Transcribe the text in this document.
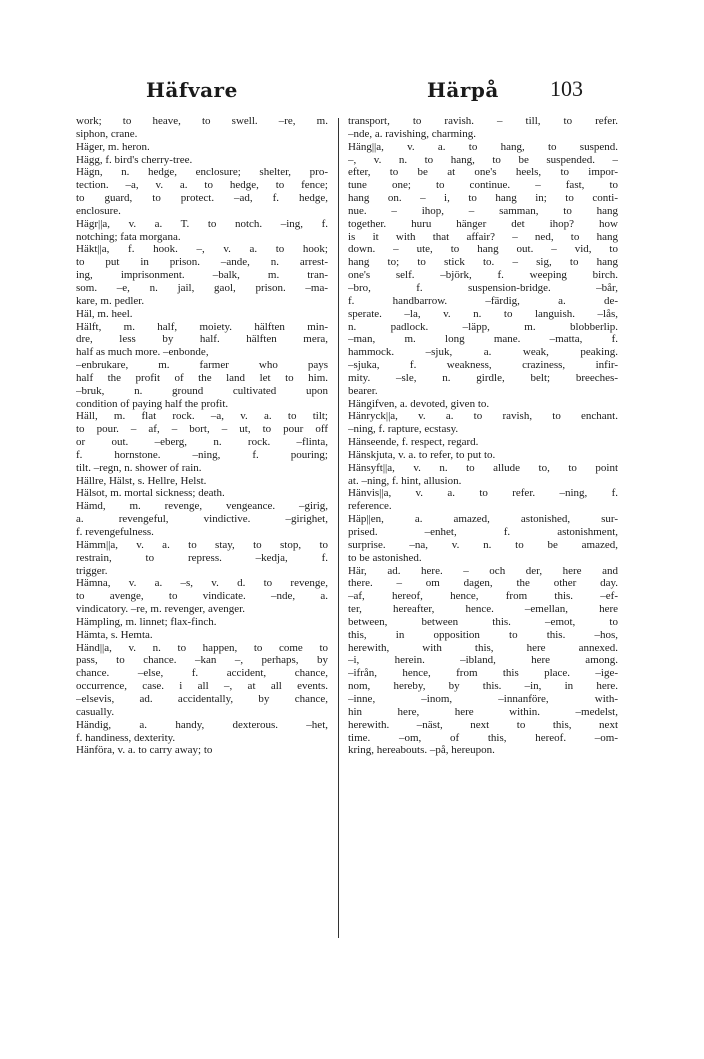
Häfvare	Härpå 103
work; to heave, to swell. –re, m.
siphon, crane.
Häger, m. heron.
Hägg, f. bird's cherry-tree.
Hägn, n. hedge, enclosure; shelter, pro-
tection. –a, v. a. to hedge, to fence;
to guard, to protect. –ad, f. hedge,
enclosure.
Hägr||a, v. a. T. to notch. –ing, f.
notching; fata morgana.
Häkt||a, f. hook. –, v. a. to hook;
to put in prison. –ande, n. arrest-
ing, imprisonment. –balk, m. tran-
som. –e, n. jail, gaol, prison. –ma-
kare, m. pedler.
Häl, m. heel.
Hälft, m. half, moiety. hälften min-
dre, less by half. hälften mera,
half as much more. –enbonde,
–enbrukare, m. farmer who pays
half the profit of the land let to him.
–bruk, n. ground cultivated upon
condition of paying half the profit.
Häll, m. flat rock. –a, v. a. to tilt;
to pour. – af, – bort, – ut, to pour off
or out. –eberg, n. rock. –flinta,
f. hornstone. –ning, f. pouring;
tilt. –regn, n. shower of rain.
Hällre, Hälst, s. Hellre, Helst.
Hälsot, m. mortal sickness; death.
Hämd, m. revenge, vengeance. –girig,
a. revengeful, vindictive. –girighet,
f. revengefulness.
Hämm||a, v. a. to stay, to stop, to
restrain, to repress. –kedja, f.
trigger.
Hämna, v. a. –s, v. d. to revenge,
to avenge, to vindicate. –nde, a.
vindicatory. –re, m. revenger, avenger.
Hämpling, m. linnet; flax-finch.
Hämta, s. Hemta.
Händ||a, v. n. to happen, to come to
pass, to chance. –kan –, perhaps, by
chance. –else, f. accident, chance,
occurrence, case. i all –, at all events.
–elsevis, ad. accidentally, by chance,
casually.
Händig, a. handy, dexterous. –het,
f. handiness, dexterity.
Hänföra, v. a. to carry away; to
transport, to ravish. – till, to refer.
–nde, a. ravishing, charming.
Häng||a, v. a. to hang, to suspend.
–, v. n. to hang, to be suspended. –
efter, to be at one's heels, to impor-
tune one; to continue. – fast, to
hang on. – i, to hang in; to conti-
nue. – ihop, – samman, to hang
together. huru hänger det ihop? how
is it with that affair? – ned, to hang
down. – ute, to hang out. – vid, to
hang to; to stick to. – sig, to hang
one's self. –björk, f. weeping birch.
–bro, f. suspension-bridge. –bår,
f. handbarrow. –färdig, a. de-
sperate. –la, v. n. to languish. –lås,
n. padlock. –läpp, m. blobberlip.
–man, m. long mane. –matta, f.
hammock. –sjuk, a. weak, peaking.
–sjuka, f. weakness, craziness, infir-
mity. –sle, n. girdle, belt; breeches-
bearer.
Hängifven, a. devoted, given to.
Hänryck||a, v. a. to ravish, to enchant.
–ning, f. rapture, ecstasy.
Hänseende, f. respect, regard.
Hänskjuta, v. a. to refer, to put to.
Hänsyft||a, v. n. to allude to, to point
at. –ning, f. hint, allusion.
Hänvis||a, v. a. to refer. –ning, f.
reference.
Häp||en, a. amazed, astonished, sur-
prised. –enhet, f. astonishment,
surprise. –na, v. n. to be amazed,
to be astonished.
Här, ad. here. – och der, here and
there. – om dagen, the other day.
–af, hereof, hence, from this. –ef-
ter, hereafter, hence. –emellan, here
between, between this. –emot, to
this, in opposition to this. –hos,
herewith, with this, here annexed.
–i, herein. –ibland, here among.
–ifrån, hence, from this place. –ige-
nom, hereby, by this. –in, in here.
–inne, –inom, –innanföre, with-
hin here, here within. –medelst,
herewith. –näst, next to this, next
time. –om, of this, hereof. –om-
kring, hereabouts. –på, hereupon.
